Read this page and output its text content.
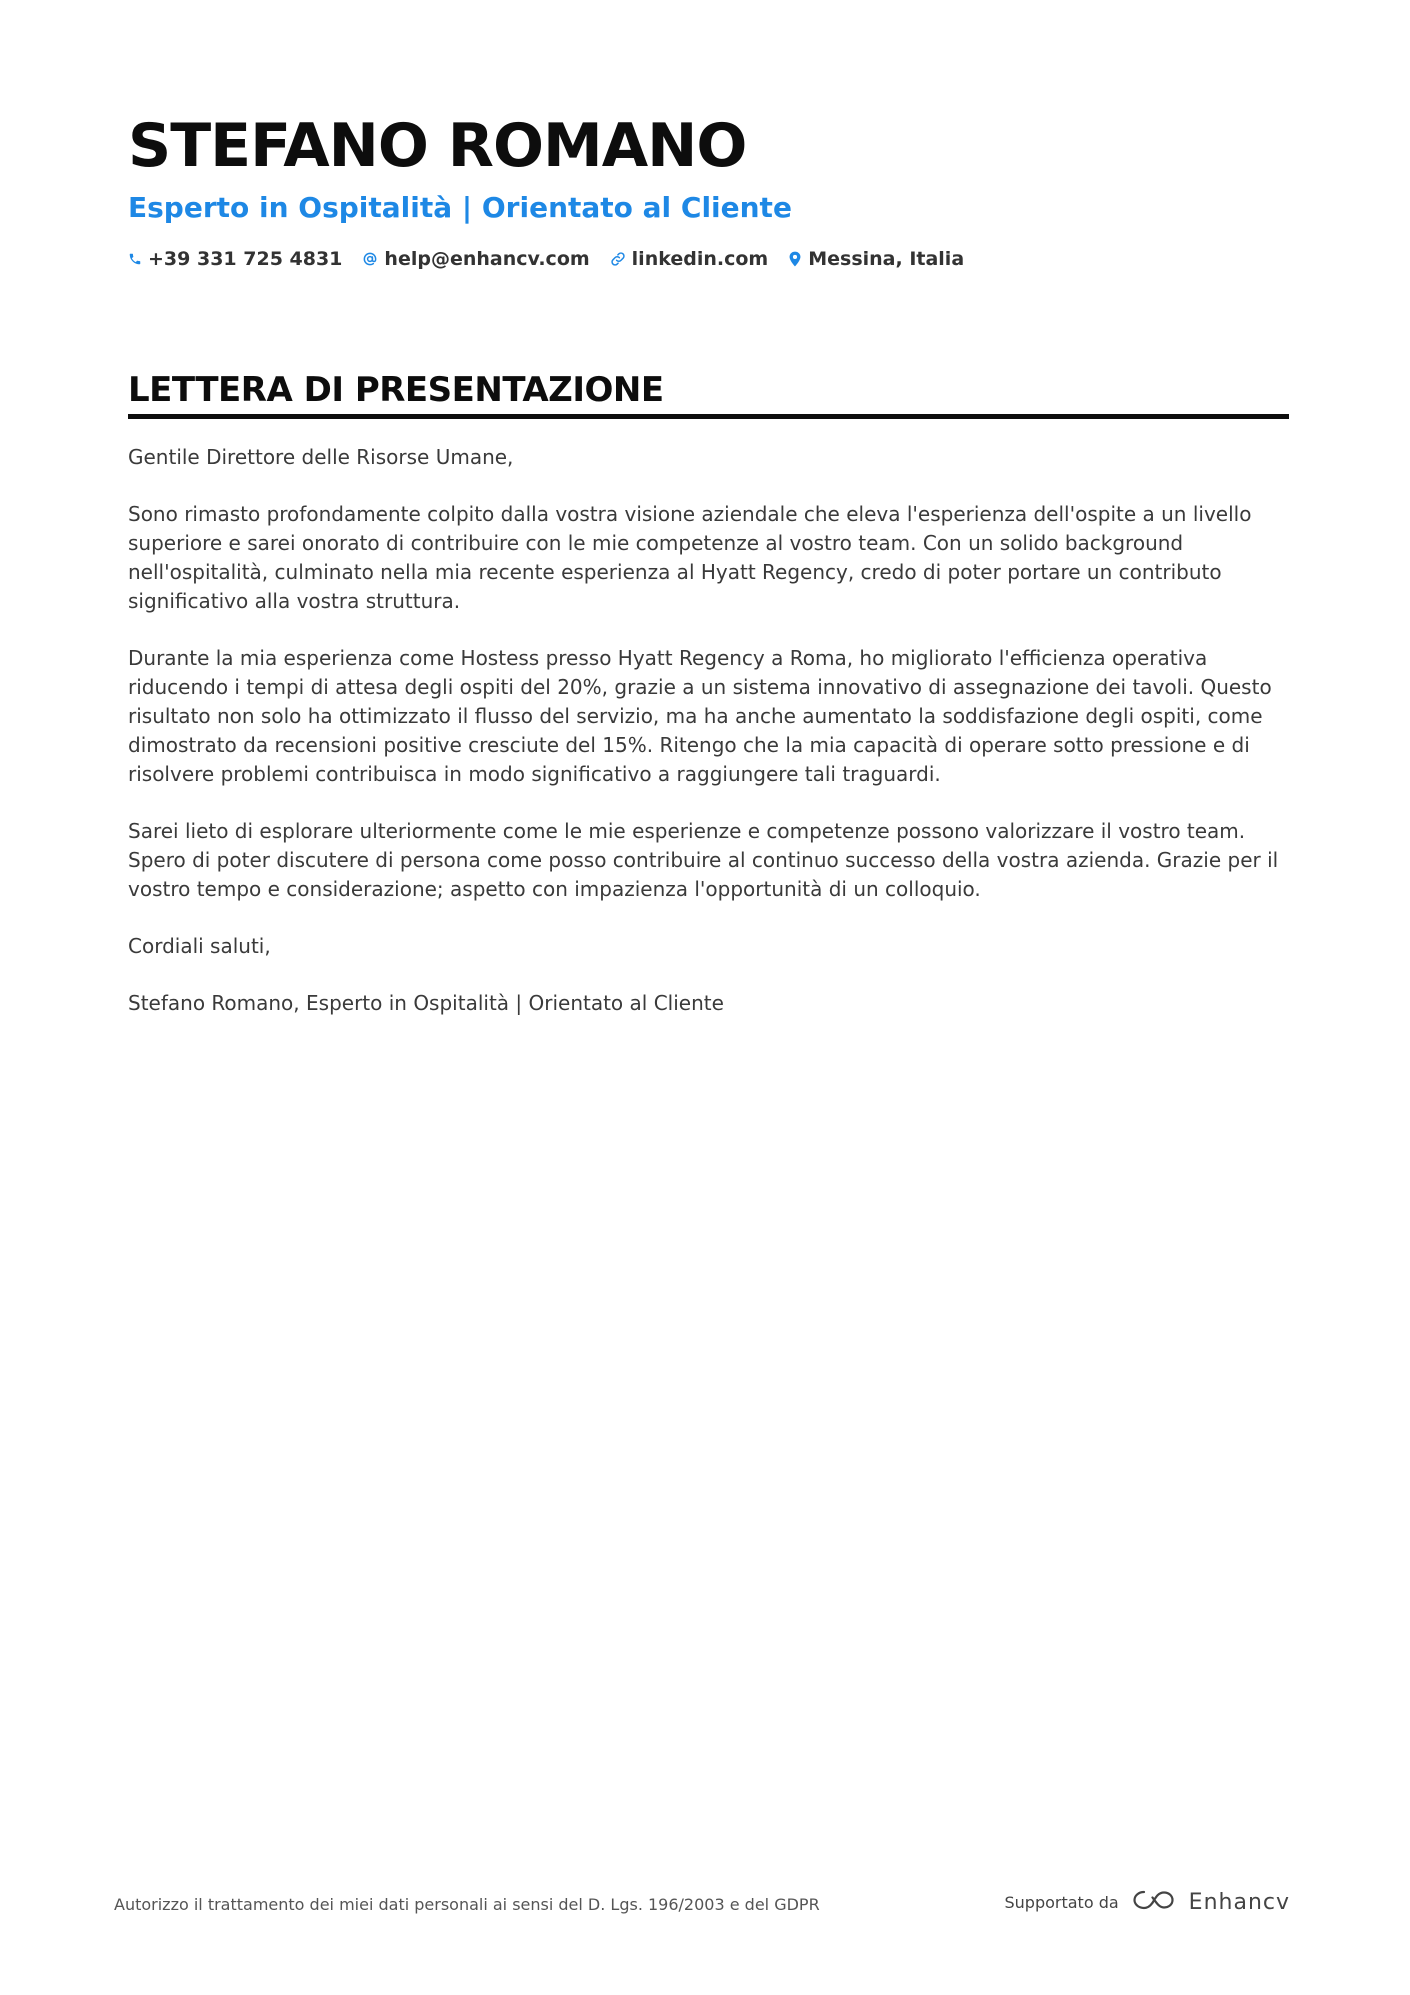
STEFANO ROMANO
Esperto in Ospitalità | Orientato al Cliente
+39 331 725 4831 help@enhancv.com linkedin.com Messina, Italia
LETTERA DI PRESENTAZIONE

Gentile Direttore delle Risorse Umane,

Sono rimasto profondamente colpito dalla vostra visione aziendale che eleva l'esperienza dell'ospite a un livello superiore e sarei onorato di contribuire con le mie competenze al vostro team. Con un solido background nell'ospitalità, culminato nella mia recente esperienza al Hyatt Regency, credo di poter portare un contributo significativo alla vostra struttura.

Durante la mia esperienza come Hostess presso Hyatt Regency a Roma, ho migliorato l'efficienza operativa riducendo i tempi di attesa degli ospiti del 20%, grazie a un sistema innovativo di assegnazione dei tavoli. Questo risultato non solo ha ottimizzato il flusso del servizio, ma ha anche aumentato la soddisfazione degli ospiti, come dimostrato da recensioni positive cresciute del 15%. Ritengo che la mia capacità di operare sotto pressione e di risolvere problemi contribuisca in modo significativo a raggiungere tali traguardi.

Sarei lieto di esplorare ulteriormente come le mie esperienze e competenze possono valorizzare il vostro team. Spero di poter discutere di persona come posso contribuire al continuo successo della vostra azienda. Grazie per il vostro tempo e considerazione; aspetto con impazienza l'opportunità di un colloquio.

Cordiali saluti,

Stefano Romano, Esperto in Ospitalità | Orientato al Cliente

Autorizzo il trattamento dei miei dati personali ai sensi del D. Lgs. 196/2003 e del GDPR	Supportato da	Enhancv
